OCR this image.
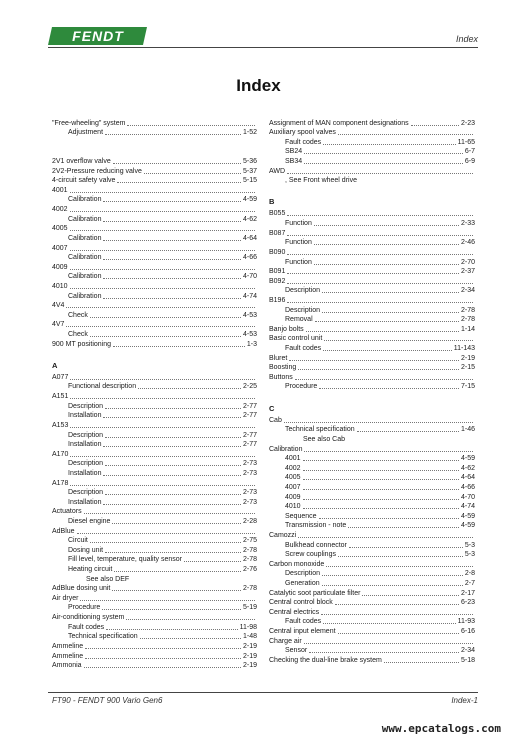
FENDT	Index
Index
"Free-wheeling" system
Adjustment	1-52
2V1 overflow valve	5-36
2V2-Pressure reducing valve	5-37
4-circuit safety valve	5-15
4001
Calibration	4-59
4002
Calibration	4-62
4005
Calibration	4-64
4007
Calibration	4-66
4009
Calibration	4-70
4010
Calibration	4-74
4V4
Check	4-53
4V7
Check	4-53
900 MT positioning	1-3
A
A077
Functional description	2-25
A151
Description	2-77
Installation	2-77
A153
Description	2-77
Installation	2-77
A170
Description	2-73
Installation	2-73
A178
Description	2-73
Installation	2-73
Actuators
Diesel engine	2-28
AdBlue
Circuit	2-75
Dosing unit	2-78
Fill level, temperature, quality sensor	2-78
Heating circuit	2-76
See also DEF
AdBlue dosing unit	2-78
Air dryer
Procedure	5-19
Air-conditioning system
Fault codes	11-98
Technical specification	1-48
Ammeline	2-19
Ammeline	2-19
Ammonia	2-19
Assignment of MAN component designations	2-23
Auxiliary spool valves
Fault codes	11-65
SB24	6-7
SB34	6-9
AWD
, See Front wheel drive
B
B055
Function	2-33
B087
Function	2-46
B090
Function	2-70
B091	2-37
B092
Description	2-34
B196
Description	2-78
Removal	2-78
Banjo bolts	1-14
Basic control unit
Fault codes	11-143
Bluret	2-19
Boosting	2-15
Buttons
Procedure	7-15
C
Cab
Technical specification	1-46
See also Cab
Calibration
4001	4-59
4002	4-62
4005	4-64
4007	4-66
4009	4-70
4010	4-74
Sequence	4-59
Transmission - note	4-59
Camozzi
Bulkhead connector	5-3
Screw couplings	5-3
Carbon monoxide
Description	2-8
Generation	2-7
Catalytic soot particulate filter	2-17
Central control block	6-23
Central electrics
Fault codes	11-93
Central input element	6-16
Charge air
Sensor	2-34
Checking the dual-line brake system	5-18
FT90 - FENDT 900 Vario Gen6	Index-1
www.epcatalogs.com
